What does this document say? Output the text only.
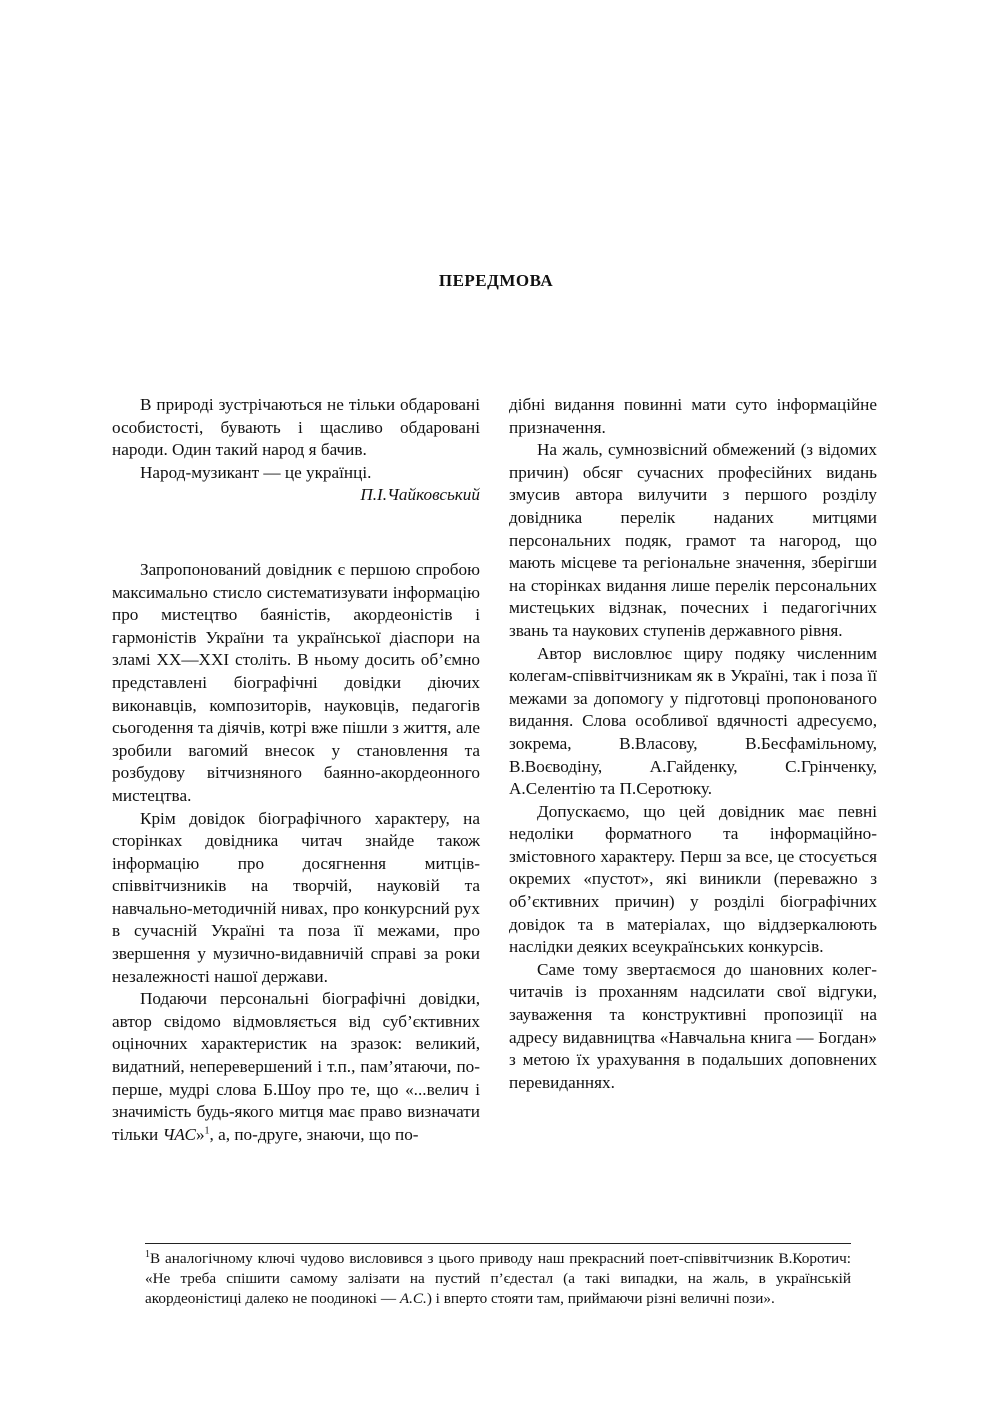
ПЕРЕДМОВА

В природі зустрічаються не тільки обдаровані особистості, бувають і щасливо обдаровані народи. Один такий народ я бачив.

Народ-музикант — це українці.

П.І.Чайковський

Запропонований довідник є першою спробою максимально стисло систематизувати інформацію про мистецтво баяністів, акордеоністів і гармоністів України та української діаспори на зламі ХХ—ХХІ століть. В ньому досить об’ємно представлені біографічні довідки діючих виконавців, композиторів, науковців, педагогів сьогодення та діячів, котрі вже пішли з життя, але зробили вагомий внесок у становлення та розбудову вітчизняного баянно-акордеонного мистецтва.

Крім довідок біографічного характеру, на сторінках довідника читач знайде також інформацію про досягнення митців-співвітчизників на творчій, науковій та навчально-методичній нивах, про конкурсний рух в сучасній Україні та поза її межами, про звершення у музично-видавничій справі за роки незалежності нашої держави.

Подаючи персональні біографічні довідки, автор свідомо відмовляється від суб’єктивних оціночних характеристик на зразок: великий, видатний, неперевершений і т.п., пам’ятаючи, по-перше, мудрі слова Б.Шоу про те, що «...велич і значимість будь-якого митця має право визначати тільки ЧАС»$^1$, а, по-друге, знаючи, що по-

дібні видання повинні мати суто інформаційне призначення.

На жаль, сумнозвісний обмежений (з відомих причин) обсяг сучасних професійних видань змусив автора вилучити з першого розділу довідника перелік наданих митцями персональних подяк, грамот та нагород, що мають місцеве та регіональне значення, зберігши на сторінках видання лише перелік персональних мистецьких відзнак, почесних і педагогічних звань та наукових ступенів державного рівня.

Автор висловлює щиру подяку численним колегам-співвітчизникам як в Україні, так і поза її межами за допомогу у підготовці пропонованого видання. Слова особливої вдячності адресуємо, зокрема, В.Власову, В.Бесфамільному, В.Воєводіну, А.Гайденку, С.Грінченку, А.Селентію та П.Серотюку.

Допускаємо, що цей довідник має певні недоліки форматного та інформаційно-змістовного характеру. Перш за все, це стосується окремих «пустот», які виникли (переважно з об’єктивних причин) у розділі біографічних довідок та в матеріалах, що віддзеркалюють наслідки деяких всеукраїнських конкурсів.

Саме тому звертаємося до шановних колег-читачів із проханням надсилати свої відгуки, зауваження та конструктивні пропозиції на адресу видавництва «Навчальна книга — Богдан» з метою їх урахування в подальших доповнених перевиданнях.

$^1$В аналогічному ключі чудово висловився з цього приводу наш прекрасний поет-співвітчизник В.Коротич: «Не треба спішити самому залізати на пустий п’єдестал (а такі випадки, на жаль, в українській акордеоністиці далеко не поодинокі — А.С.) і вперто стояти там, приймаючи різні величні пози».
